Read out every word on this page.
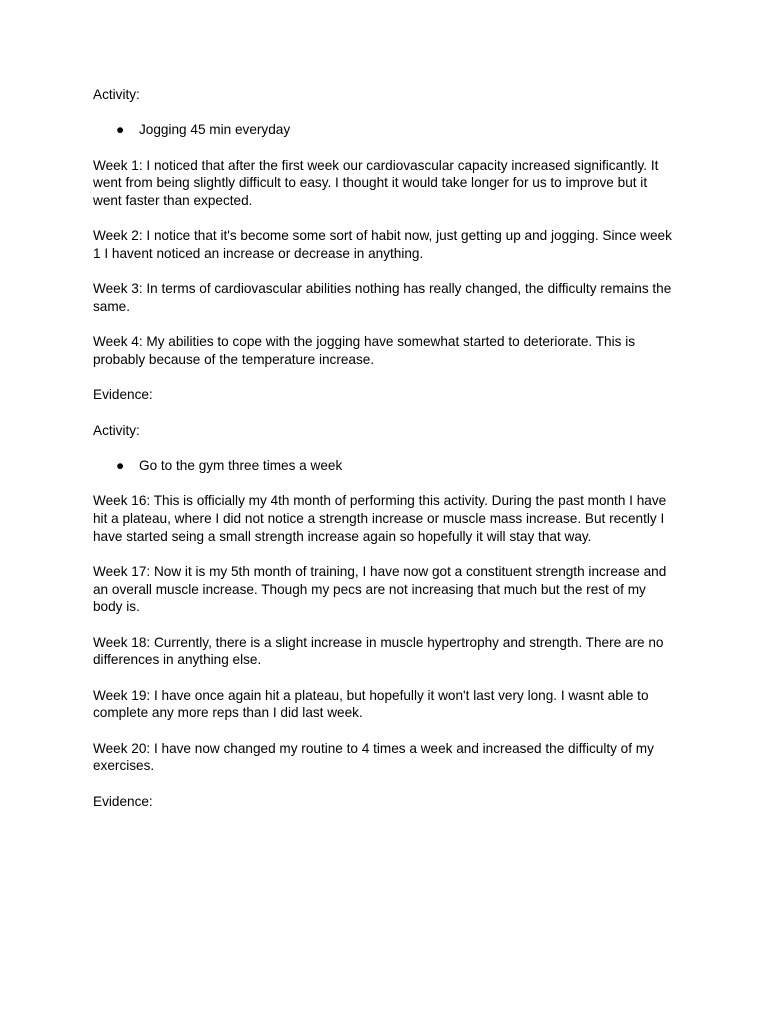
Activity:

● Jogging 45 min everyday

Week 1: I noticed that after the first week our cardiovascular capacity increased significantly. It went from being slightly difficult to easy. I thought it would take longer for us to improve but it went faster than expected.

Week 2: I notice that it's become some sort of habit now, just getting up and jogging. Since week 1 I havent noticed an increase or decrease in anything.

Week 3: In terms of cardiovascular abilities nothing has really changed, the difficulty remains the same.

Week 4: My abilities to cope with the jogging have somewhat started to deteriorate. This is probably because of the temperature increase.

Evidence:

Activity:

● Go to the gym three times a week

Week 16: This is officially my 4th month of performing this activity. During the past month I have hit a plateau, where I did not notice a strength increase or muscle mass increase. But recently I have started seing a small strength increase again so hopefully it will stay that way.

Week 17: Now it is my 5th month of training, I have now got a constituent strength increase and an overall muscle increase. Though my pecs are not increasing that much but the rest of my body is.

Week 18: Currently, there is a slight increase in muscle hypertrophy and strength. There are no differences in anything else.

Week 19: I have once again hit a plateau, but hopefully it won't last very long. I wasnt able to complete any more reps than I did last week.

Week 20: I have now changed my routine to 4 times a week and increased the difficulty of my exercises.

Evidence:
